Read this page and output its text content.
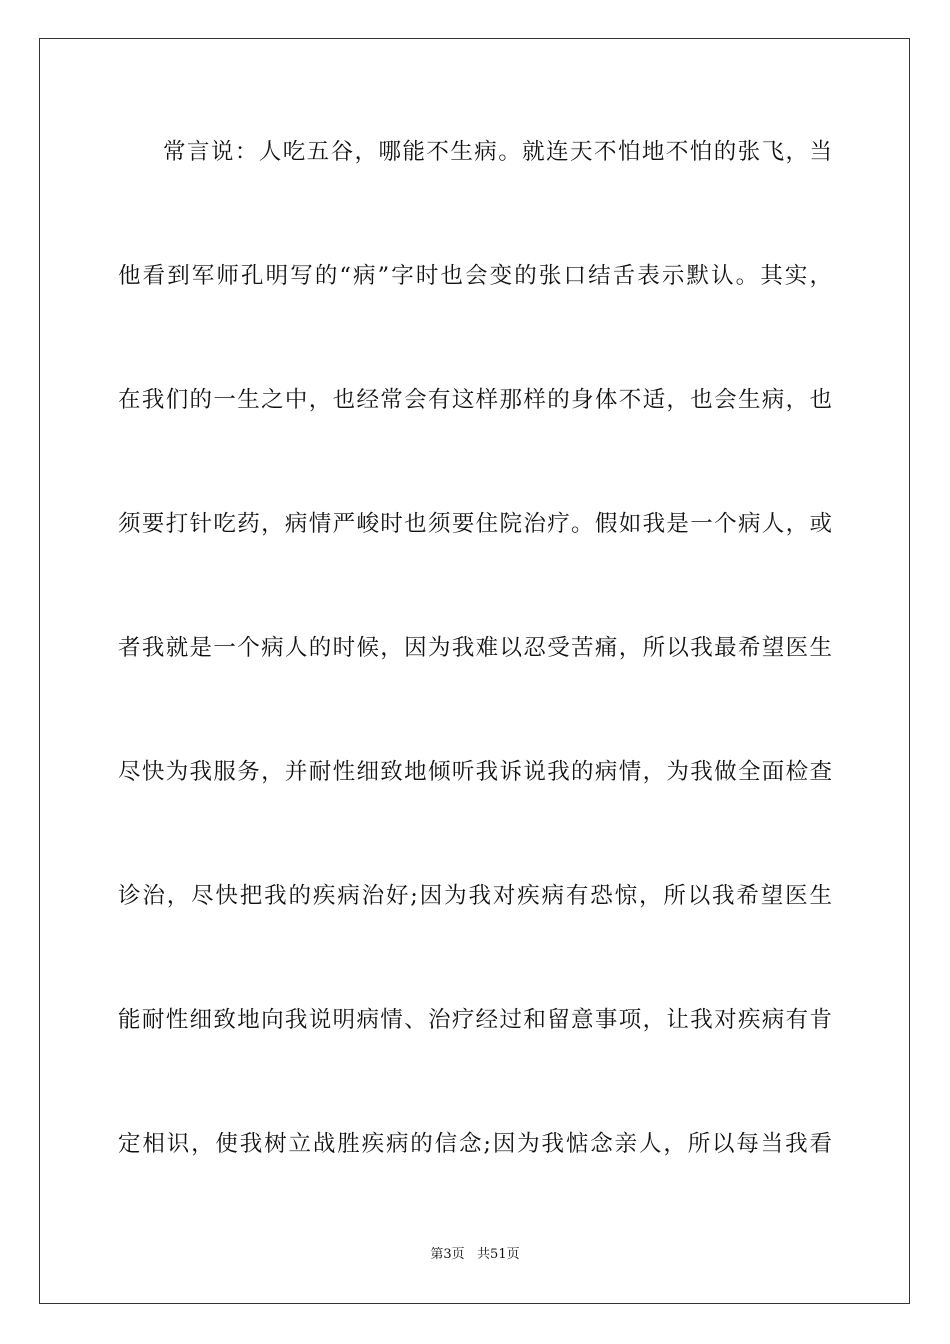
常言说：人吃五谷，哪能不生病。就连天不怕地不怕的张飞，当
他看到军师孔明写的“病”字时也会变的张口结舌表示默认。其实，
在我们的一生之中，也经常会有这样那样的身体不适，也会生病，也
须要打针吃药，病情严峻时也须要住院治疗。假如我是一个病人，或
者我就是一个病人的时候，因为我难以忍受苦痛，所以我最希望医生
尽快为我服务，并耐性细致地倾听我诉说我的病情，为我做全面检查
诊治，尽快把我的疾病治好;因为我对疾病有恐惊，所以我希望医生
能耐性细致地向我说明病情、治疗经过和留意事项，让我对疾病有肯
定相识，使我树立战胜疾病的信念;因为我惦念亲人，所以每当我看
第3页   共51页
